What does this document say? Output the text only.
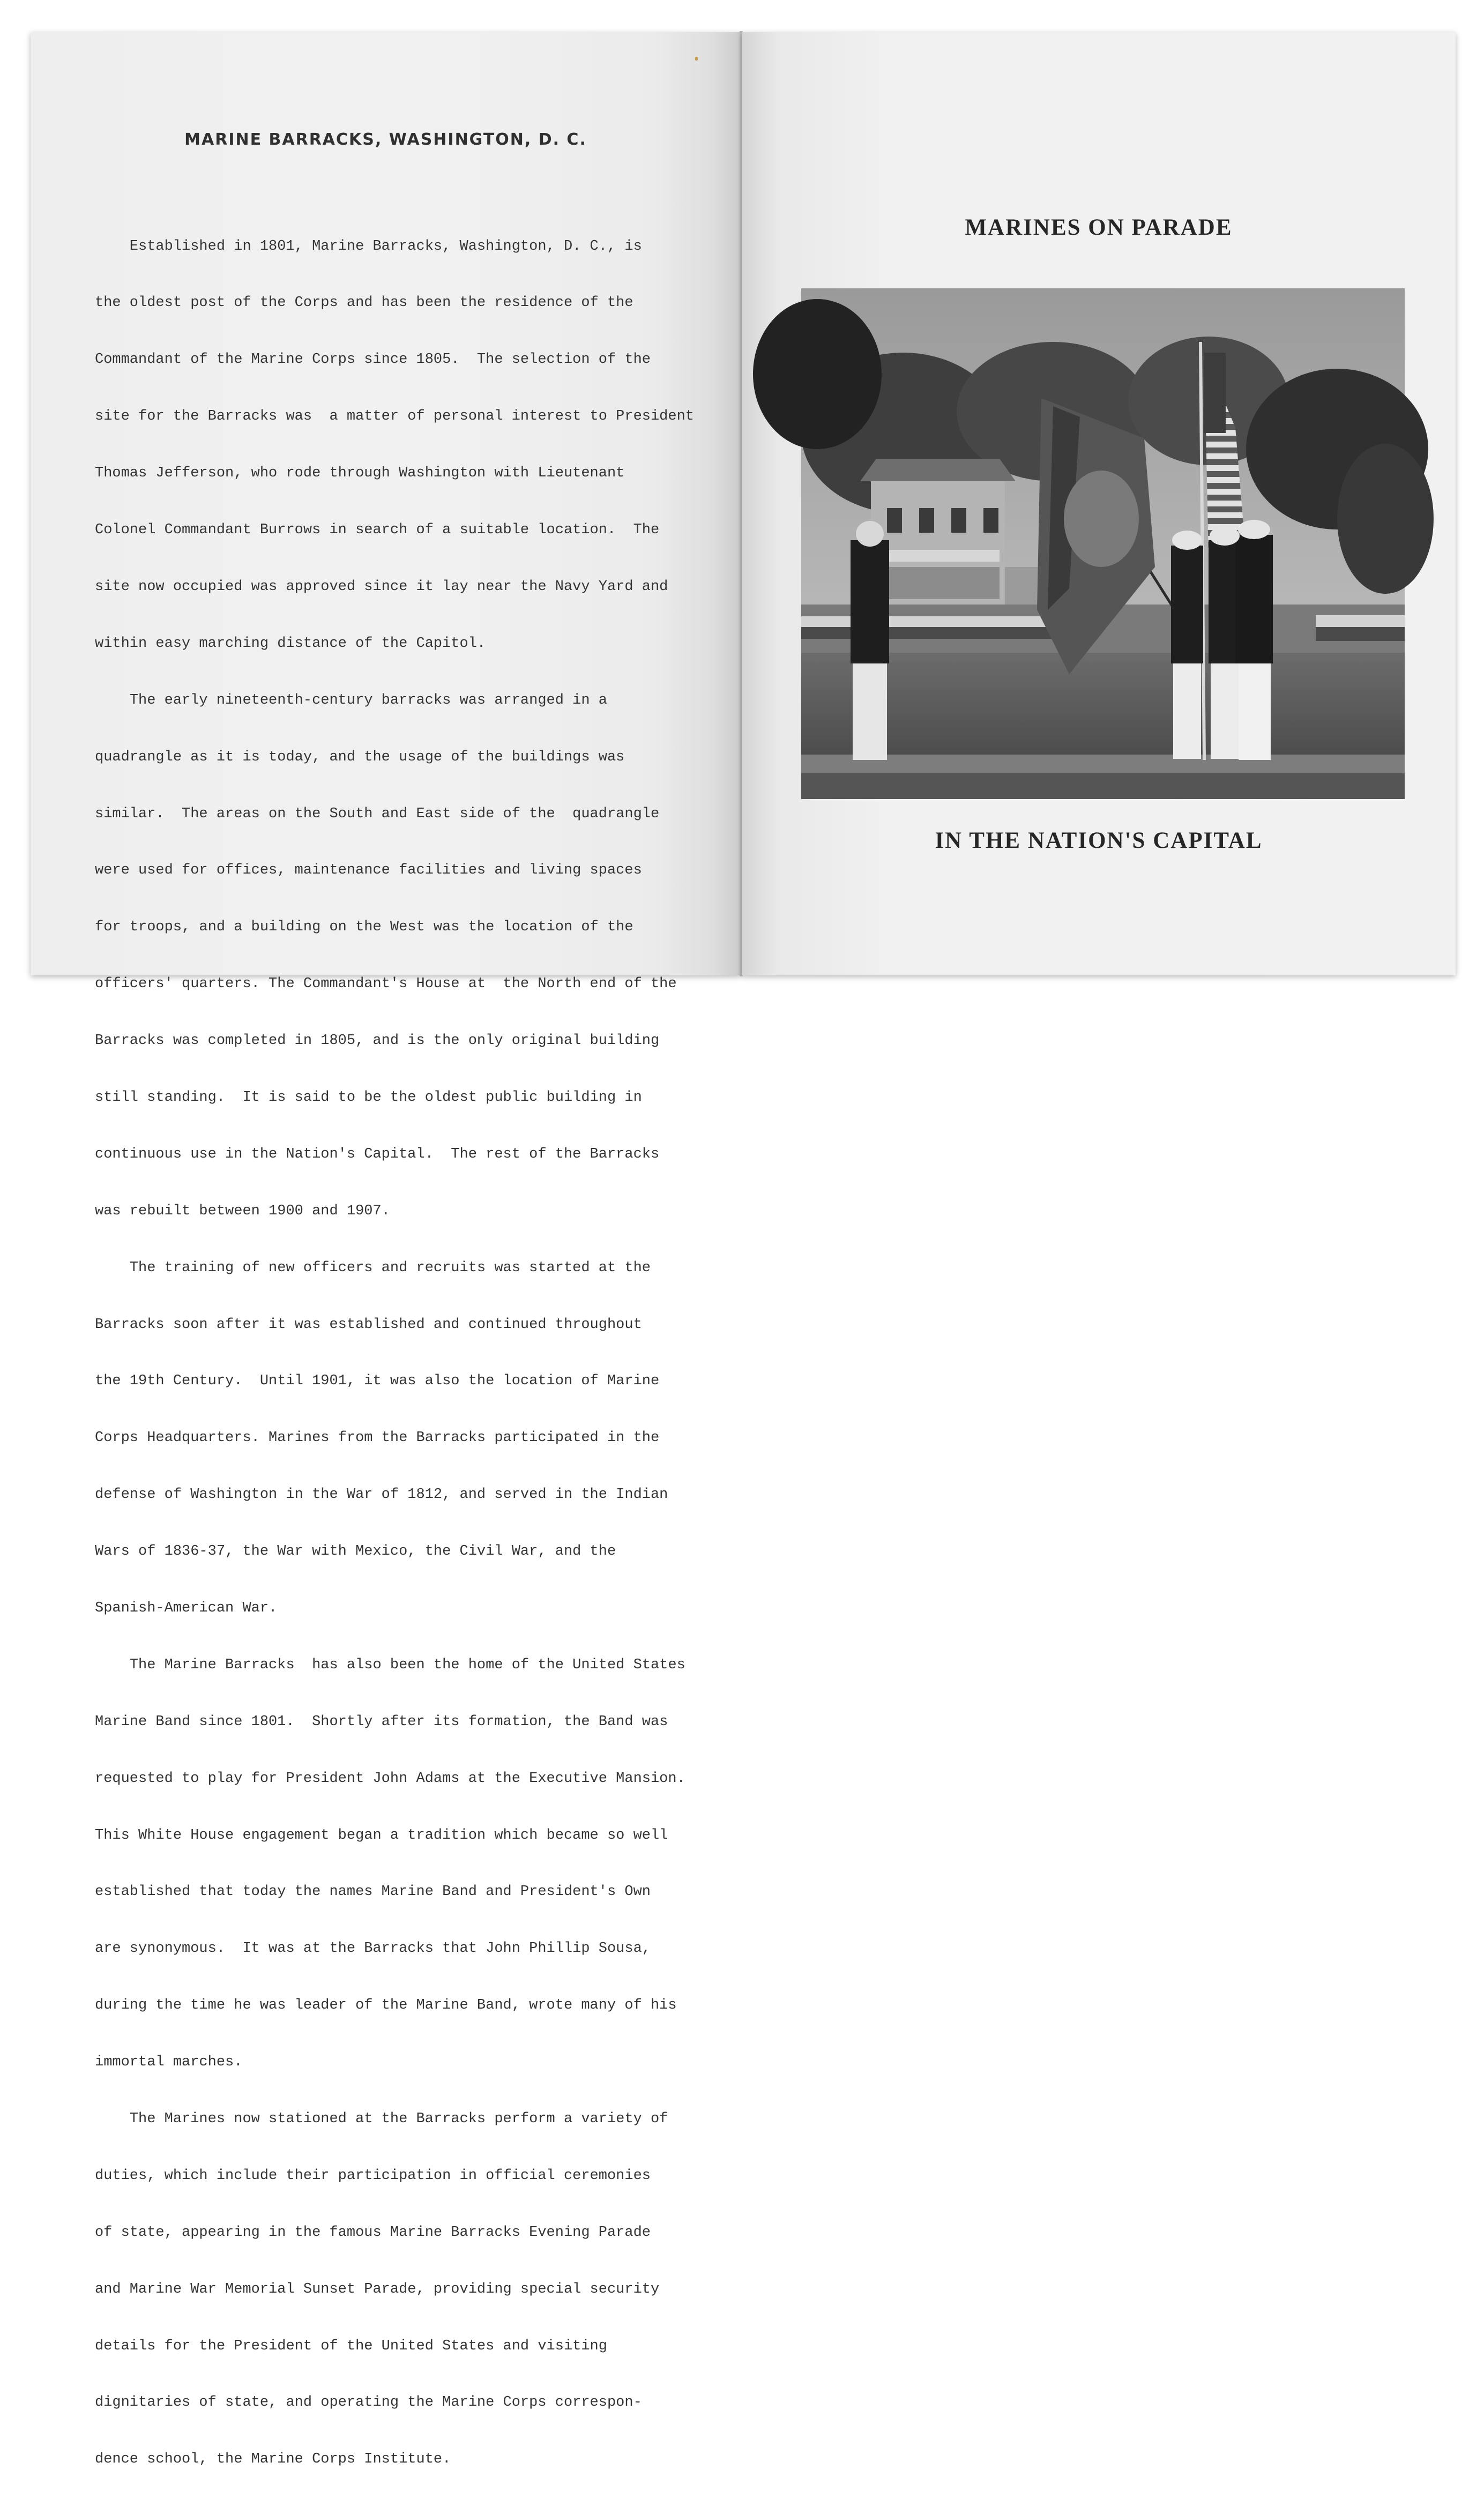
MARINE BARRACKS, WASHINGTON, D. C.

Established in 1801, Marine Barracks, Washington, D. C., is

the oldest post of the Corps and has been the residence of the

Commandant of the Marine Corps since 1805.  The selection of the

site for the Barracks was  a matter of personal interest to President

Thomas Jefferson, who rode through Washington with Lieutenant

Colonel Commandant Burrows in search of a suitable location.  The

site now occupied was approved since it lay near the Navy Yard and

within easy marching distance of the Capitol.

The early nineteenth-century barracks was arranged in a

quadrangle as it is today, and the usage of the buildings was

similar.  The areas on the South and East side of the  quadrangle

were used for offices, maintenance facilities and living spaces

for troops, and a building on the West was the location of the

officers' quarters. The Commandant's House at  the North end of the

Barracks was completed in 1805, and is the only original building

still standing.  It is said to be the oldest public building in

continuous use in the Nation's Capital.  The rest of the Barracks

was rebuilt between 1900 and 1907.

The training of new officers and recruits was started at the

Barracks soon after it was established and continued throughout

the 19th Century.  Until 1901, it was also the location of Marine

Corps Headquarters. Marines from the Barracks participated in the

defense of Washington in the War of 1812, and served in the Indian

Wars of 1836-37, the War with Mexico, the Civil War, and the

Spanish-American War.

The Marine Barracks  has also been the home of the United States

Marine Band since 1801.  Shortly after its formation, the Band was

requested to play for President John Adams at the Executive Mansion.

This White House engagement began a tradition which became so well

established that today the names Marine Band and President's Own

are synonymous.  It was at the Barracks that John Phillip Sousa,

during the time he was leader of the Marine Band, wrote many of his

immortal marches.

The Marines now stationed at the Barracks perform a variety of

duties, which include their participation in official ceremonies

of state, appearing in the famous Marine Barracks Evening Parade

and Marine War Memorial Sunset Parade, providing special security

details for the President of the United States and visiting

dignitaries of state, and operating the Marine Corps correspon-

dence school, the Marine Corps Institute.

MARINES ON PARADE
IN THE NATION'S CAPITAL
